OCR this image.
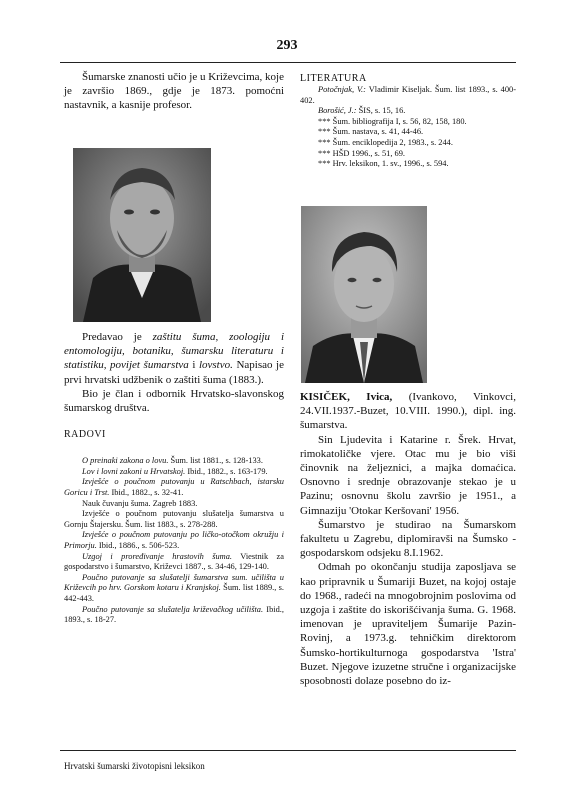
293

Šumarske znanosti učio je u Križevcima, koje je završio 1869., gdje je 1873. pomoćni nastavnik, a kasnije profesor.

Predavao je zaštitu šuma, zoologiju i entomologiju, botaniku, šumarsku literaturu i statistiku, povijet šumarstva i lovstvo. Napisao je prvi hrvatski udžbenik o zaštiti šuma (1883.).

Bio je član i odbornik Hrvatsko-slavonskog šumarskog društva.

RADOVI

O preinaki zakona o lovu. Šum. list 1881., s. 128-133.

Lov i lovni zakoni u Hrvatskoj. Ibid., 1882., s. 163-179.

Izvješće o poučnom putovanju u Ratschbach, istarsku Goricu i Trst. Ibid., 1882., s. 32-41.

Nauk čuvanju šuma. Zagreb 1883.

Izvješće o poučnom putovanju slušatelja šumarstva u Gornju Štajersku. Šum. list 1883., s. 278-288.

Izvješće o poučnom putovanju po ličko-otočkom okružju i Primorju. Ibid., 1886., s. 506-523.

Uzgoj i proređivanje hrastovih šuma. Viestnik za gospodarstvo i šumarstvo, Križevci 1887., s. 34-46, 129-140.

Poučno putovanje sa slušatelji šumarstva sum. učilišta u Križevcih po hrv. Gorskom kotaru i Kranjskoj. Šum. list 1889., s. 442-443.

Poučno putovanje sa slušatelja križevačkog učilišta. Ibid., 1893., s. 18-27.

LITERATURA

Potočnjak, V.: Vladimir Kiseljak. Šum. list 1893., s. 400-402.

Borošić, J.: ŠIS, s. 15, 16.

*** Šum. bibliografija I, s. 56, 82, 158, 180.

*** Šum. nastava, s. 41, 44-46.

*** Šum. enciklopedija 2, 1983., s. 244.

*** HŠD 1996., s. 51, 69.

*** Hrv. leksikon, 1. sv., 1996., s. 594.

KISIČEK, Ivica, (Ivankovo, Vinkovci, 24.VII.1937.-Buzet, 10.VIII. 1990.), dipl. ing. šumarstva.

Sin Ljudevita i Katarine r. Šrek. Hrvat, rimokatoličke vjere. Otac mu je bio viši činovnik na željeznici, a majka domaćica. Osnovno i srednje obrazovanje stekao je u Pazinu; osnovnu školu završio je 1951., a Gimnaziju 'Otokar Keršovani' 1956.

Šumarstvo je studirao na Šumarskom fakultetu u Zagrebu, diplomiravši na Šumsko - gospodarskom odsjeku 8.I.1962.

Odmah po okončanju studija zaposlјava se kao pripravnik u Šumariji Buzet, na kojoj ostaje do 1968., radeći na mnogobrojnim poslovima od uzgoja i zaštite do iskorišćivanja šuma. G. 1968. imenovan je upraviteljem Šumarije Pazin-Rovinj, a 1973.g. tehničkim direktorom Šumsko-hortikulturnoga gospodarstva 'Istra' Buzet. Njegove izuzetne stručne i organizacijske sposobnosti dolaze posebno do iz-

Hrvatski šumarski životopisni leksikon
